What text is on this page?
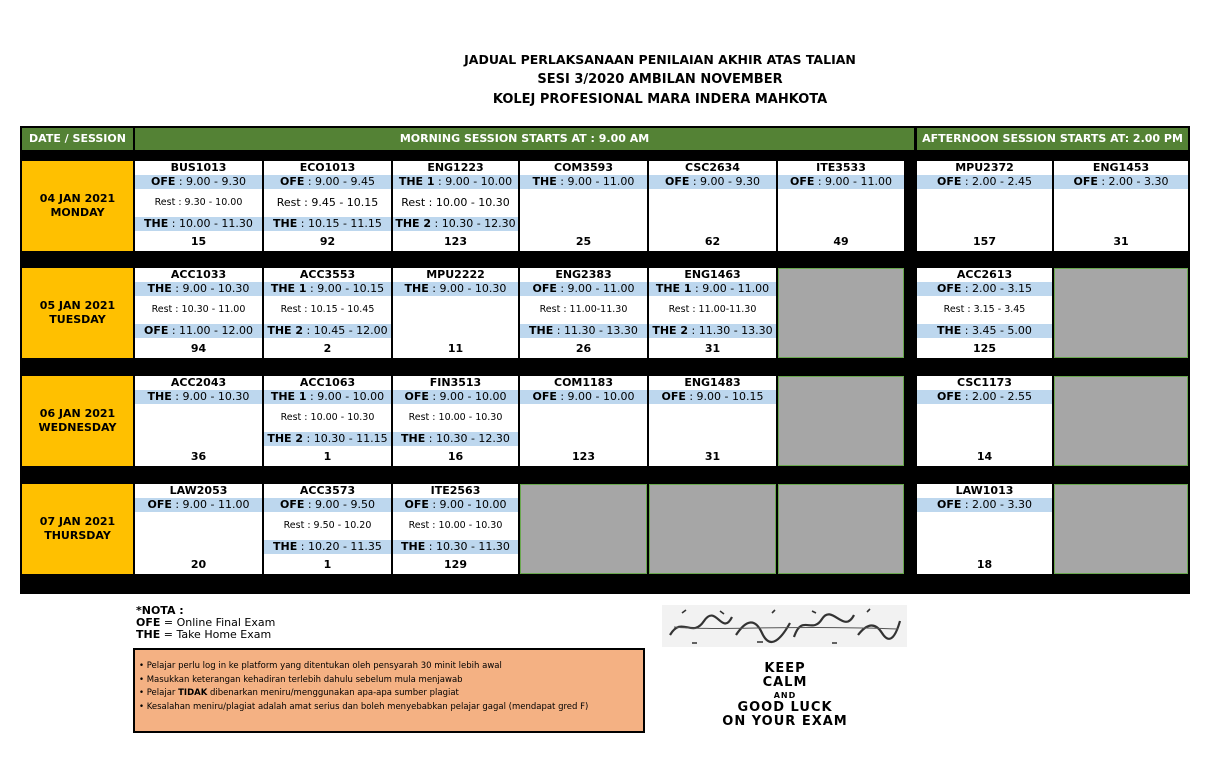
JADUAL PERLAKSANAAN PENILAIAN AKHIR ATAS TALIAN
SESI 3/2020 AMBILAN NOVEMBER
KOLEJ PROFESIONAL MARA INDERA MAHKOTA
DATE / SESSION	MORNING SESSION STARTS AT : 9.00 AM	AFTERNOON SESSION STARTS AT: 2.00 PM
04 JAN 2021
MONDAY
BUS1013
OFE : 9.00 - 9.30
Rest : 9.30 - 10.00
THE : 10.00 - 11.30
15
ECO1013
OFE : 9.00 - 9.45
Rest : 9.45 - 10.15
THE : 10.15 - 11.15
92
ENG1223
THE 1 : 9.00 - 10.00
Rest : 10.00 - 10.30
THE 2 : 10.30 - 12.30
123
COM3593
THE : 9.00 - 11.00
25
CSC2634
OFE : 9.00 - 9.30
62
ITE3533
OFE : 9.00 - 11.00
49
MPU2372
OFE : 2.00 - 2.45
157
ENG1453
OFE : 2.00 - 3.30
31
05 JAN 2021
TUESDAY
ACC1033
THE : 9.00 - 10.30
Rest : 10.30 - 11.00
OFE : 11.00 - 12.00
94
ACC3553
THE 1 : 9.00 - 10.15
Rest : 10.15 - 10.45
THE 2 : 10.45 - 12.00
2
MPU2222
THE : 9.00 - 10.30
11
ENG2383
OFE : 9.00 - 11.00
Rest : 11.00-11.30
THE : 11.30 - 13.30
26
ENG1463
THE 1 : 9.00 - 11.00
Rest : 11.00-11.30
THE 2 : 11.30 - 13.30
31
ACC2613
OFE : 2.00 - 3.15
Rest : 3.15 - 3.45
THE : 3.45 - 5.00
125
06 JAN 2021
WEDNESDAY
ACC2043
THE : 9.00 - 10.30
36
ACC1063
THE 1 : 9.00 - 10.00
Rest : 10.00 - 10.30
THE 2 : 10.30 - 11.15
1
FIN3513
OFE : 9.00 - 10.00
Rest : 10.00 - 10.30
THE : 10.30 - 12.30
16
COM1183
OFE : 9.00 - 10.00
123
ENG1483
OFE : 9.00 - 10.15
31
CSC1173
OFE : 2.00 - 2.55
14
07 JAN 2021
THURSDAY
LAW2053
OFE : 9.00 - 11.00
20
ACC3573
OFE : 9.00 - 9.50
Rest : 9.50 - 10.20
THE : 10.20 - 11.35
1
ITE2563
OFE : 9.00 - 10.00
Rest : 10.00 - 10.30
THE : 10.30 - 11.30
129
LAW1013
OFE : 2.00 - 3.30
18
*NOTA :
OFE = Online Final Exam
THE = Take Home Exam
• Pelajar perlu log in ke platform yang ditentukan oleh pensyarah 30 minit lebih awal
• Masukkan keterangan kehadiran terlebih dahulu sebelum mula menjawab
• Pelajar TIDAK dibenarkan meniru/menggunakan apa-apa sumber plagiat
• Kesalahan meniru/plagiat adalah amat serius dan boleh menyebabkan pelajar gagal (mendapat gred F)
KEEP
CALM
AND
GOOD LUCK
ON YOUR EXAM
